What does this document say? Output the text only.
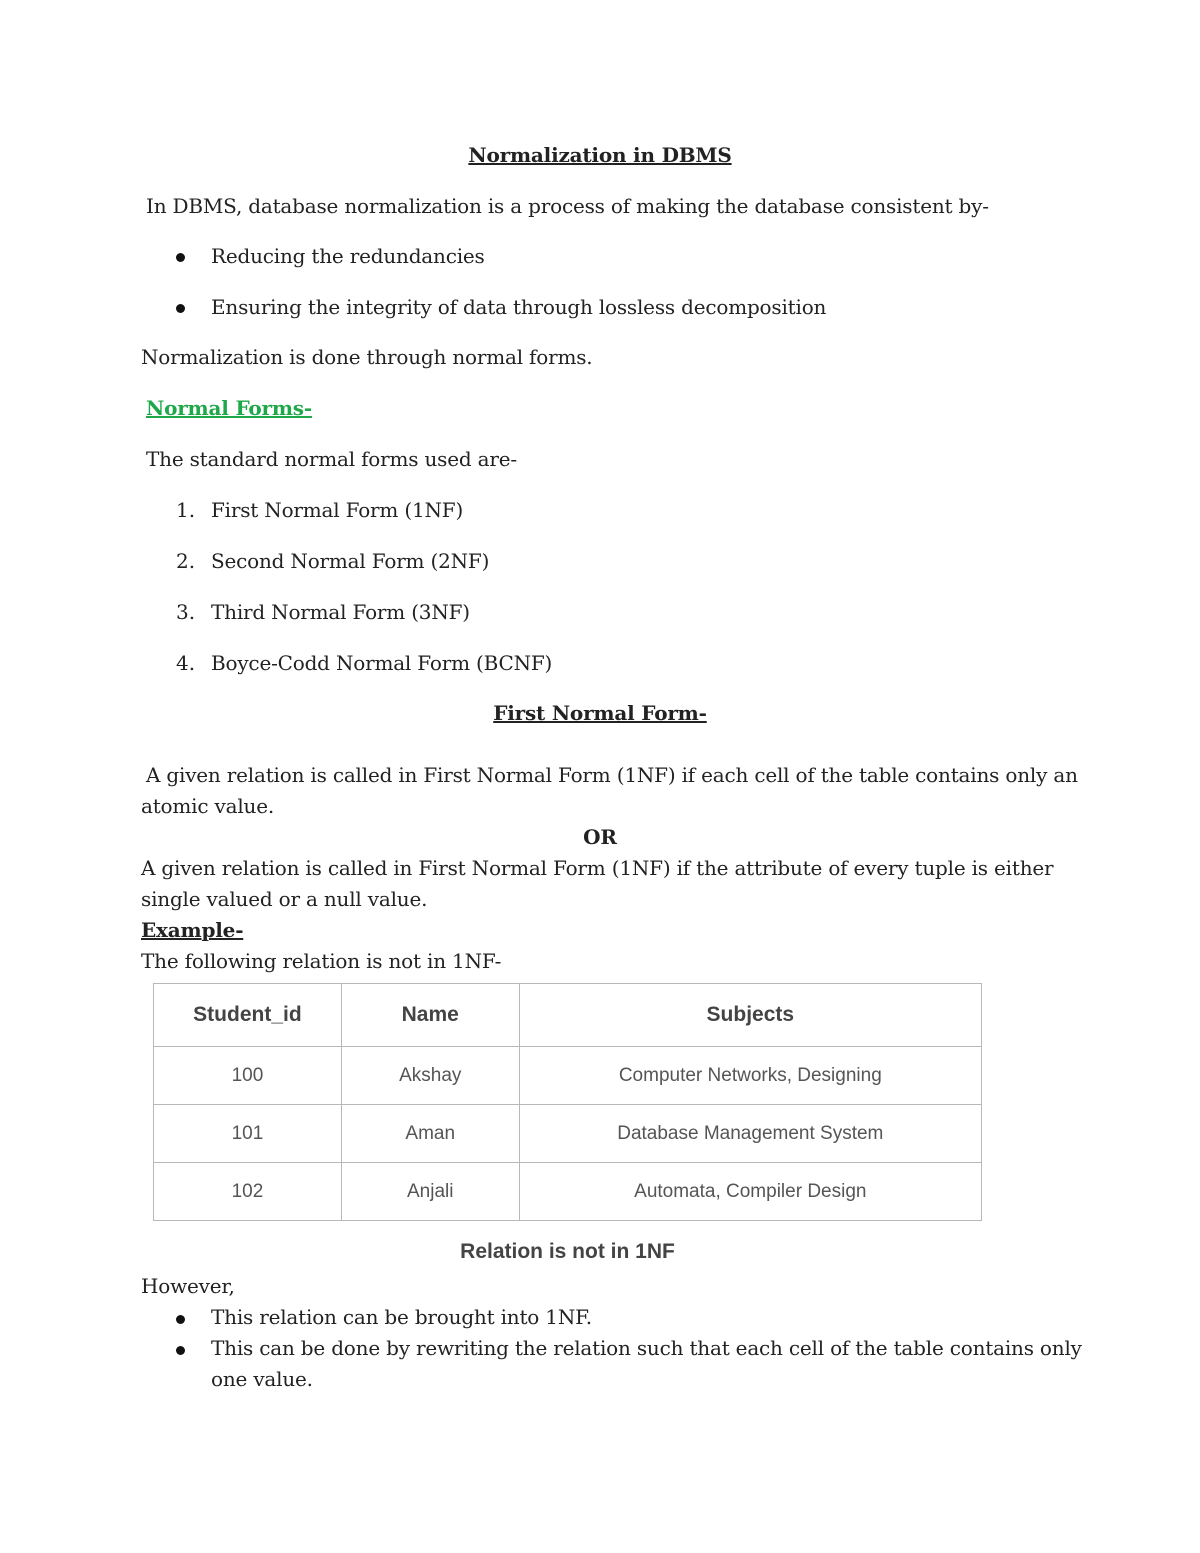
Normalization in DBMS
In DBMS, database normalization is a process of making the database consistent by-
Reducing the redundancies
Ensuring the integrity of data through lossless decomposition
Normalization is done through normal forms.
Normal Forms-
The standard normal forms used are-
1. First Normal Form (1NF)
2. Second Normal Form (2NF)
3. Third Normal Form (3NF)
4. Boyce-Codd Normal Form (BCNF)
First Normal Form-
A given relation is called in First Normal Form (1NF) if each cell of the table contains only an
atomic value.
OR
A given relation is called in First Normal Form (1NF) if the attribute of every tuple is either
single valued or a null value.
Example-
The following relation is not in 1NF-
Student_id	Name	Subjects
100	Akshay	Computer Networks, Designing
101	Aman	Database Management System
102	Anjali	Automata, Compiler Design
Relation is not in 1NF
However,
This relation can be brought into 1NF.
This can be done by rewriting the relation such that each cell of the table contains only
one value.
